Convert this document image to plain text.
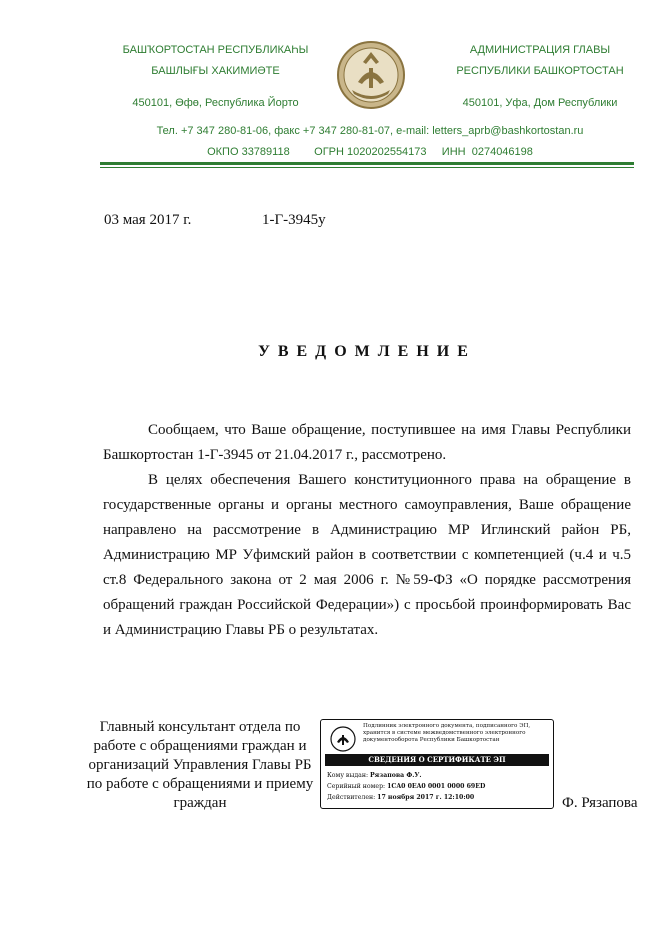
БАШҠОРТОСТАН РЕСПУБЛИКАҺЫ
БАШЛЫҒЫ ХАКИМИӘТЕ
450101, Өфө, Республика Йорто
АДМИНИСТРАЦИЯ ГЛАВЫ
РЕСПУБЛИКИ БАШКОРТОСТАН
450101, Уфа, Дом Республики
Тел. +7 347 280-81-06, факс +7 347 280-81-07, e-mail: letters_aprb@bashkortostan.ru
ОКПО 33789118        ОГРН 1020202554173     ИНН  0274046198
03 мая 2017 г.	1-Г-3945у
УВЕДОМЛЕНИЕ

Сообщаем, что Ваше обращение, поступившее на имя Главы Республики Башкортостан 1-Г-3945 от 21.04.2017 г., рассмотрено.

В целях обеспечения Вашего конституционного права на обращение в государственные органы и органы местного самоуправления, Ваше обращение направлено на рассмотрение в Администрацию МР Иглинский район РБ, Администрацию МР Уфимский район в соответствии с компетенцией (ч.4 и ч.5 ст.8 Федерального закона от 2 мая 2006 г. №59-ФЗ «О порядке рассмотрения обращений граждан Российской Федерации») с просьбой проинформировать Вас и Администрацию Главы РБ о результатах.

Главный консультант отдела по работе с обращениями граждан и организаций Управления Главы РБ по работе с обращениями и приему граждан
Подлинник электронного документа, подписанного ЭП, хранится в системе межведомственного электронного документооборота Республики Башкортостан
СВЕДЕНИЯ О СЕРТИФИКАТЕ ЭП
Кому выдан: Рязапова Ф.У.
Серийный номер: 1CA0 0EA0 0001 0000 69ED
Действителен: 17 ноября 2017 г. 12:10:00	Ф. Рязапова
